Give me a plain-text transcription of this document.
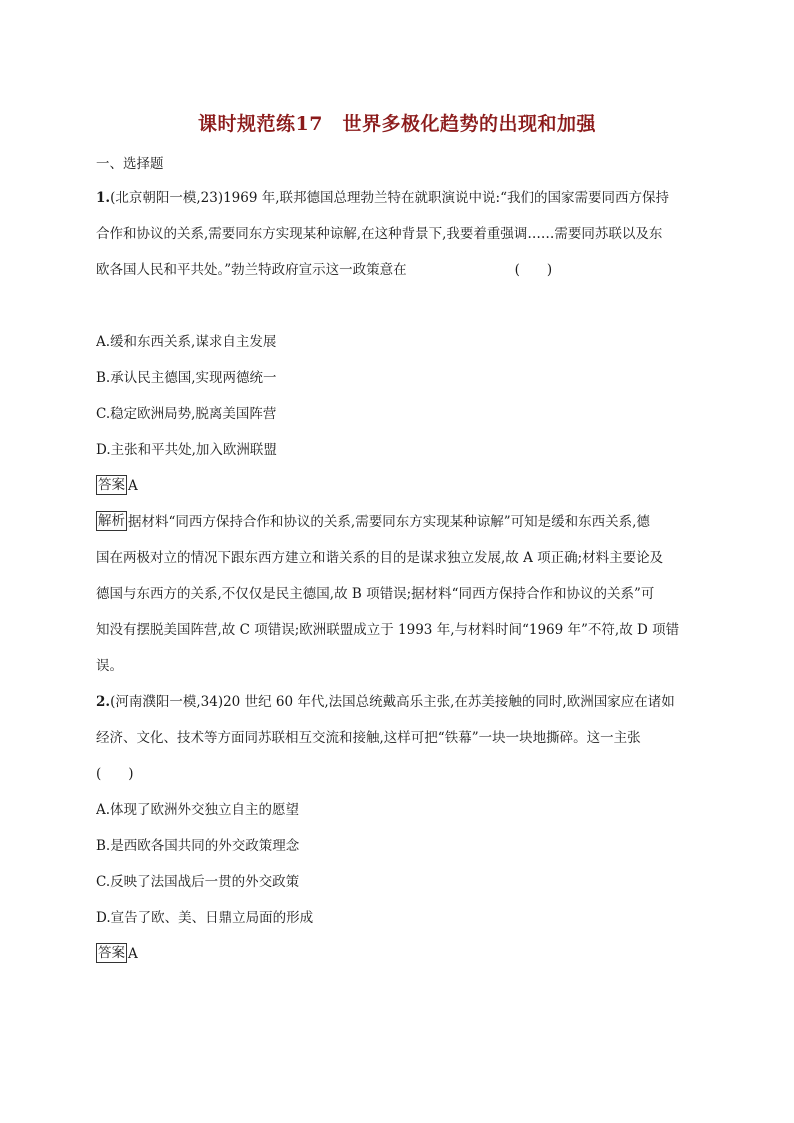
课时规范练17　世界多极化趋势的出现和加强
一、选择题
1.(北京朝阳一模,23)1969 年,联邦德国总理勃兰特在就职演说中说:“我们的国家需要同西方保持
合作和协议的关系,需要同东方实现某种谅解,在这种背景下,我要着重强调……需要同苏联以及东
欧各国人民和平共处。”勃兰特政府宣示这一政策意在	(　　)
A.缓和东西关系,谋求自主发展
B.承认民主德国,实现两德统一
C.稳定欧洲局势,脱离美国阵营
D.主张和平共处,加入欧洲联盟
答案 A
解析 据材料“同西方保持合作和协议的关系,需要同东方实现某种谅解”可知是缓和东西关系,德
国在两极对立的情况下跟东西方建立和谐关系的目的是谋求独立发展,故 A 项正确;材料主要论及
德国与东西方的关系,不仅仅是民主德国,故 B 项错误;据材料“同西方保持合作和协议的关系”可
知没有摆脱美国阵营,故 C 项错误;欧洲联盟成立于 1993 年,与材料时间“1969 年”不符,故 D 项错
误。
2.(河南濮阳一模,34)20 世纪 60 年代,法国总统戴高乐主张,在苏美接触的同时,欧洲国家应在诸如
经济、文化、技术等方面同苏联相互交流和接触,这样可把“铁幕”一块一块地撕碎。这一主张
(　　)
A.体现了欧洲外交独立自主的愿望
B.是西欧各国共同的外交政策理念
C.反映了法国战后一贯的外交政策
D.宣告了欧、美、日鼎立局面的形成
答案 A
